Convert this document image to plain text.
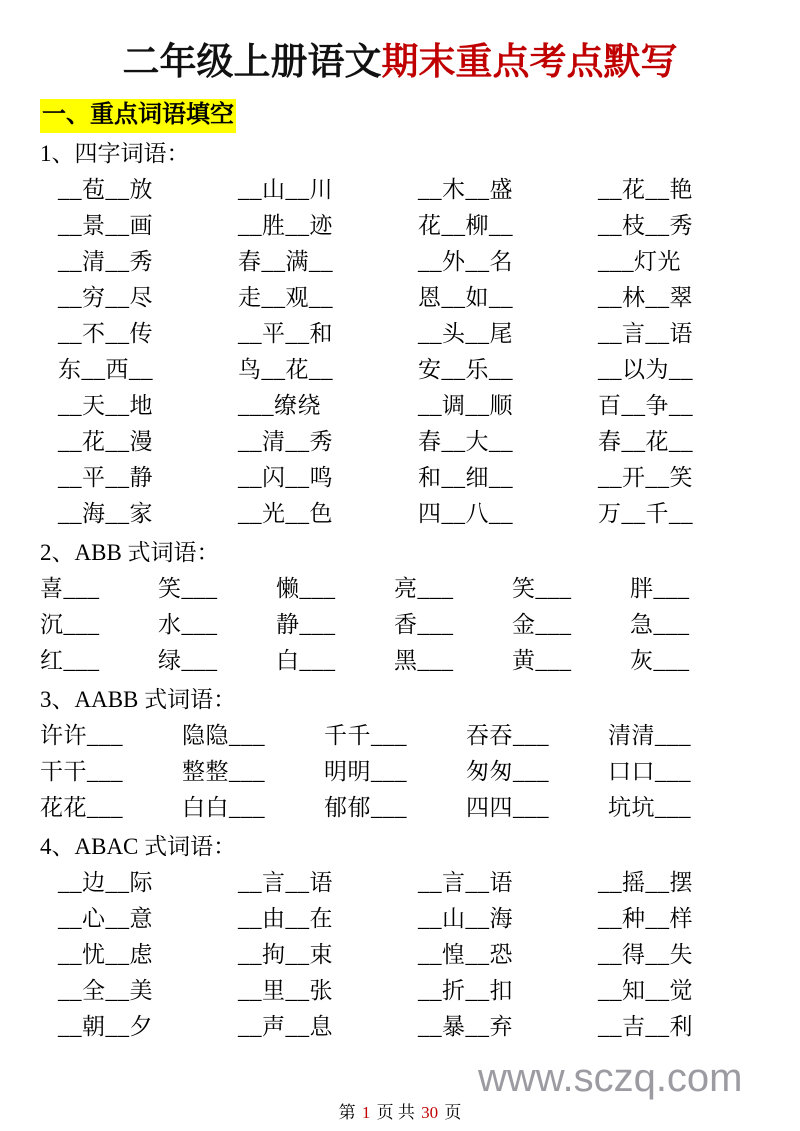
二年级上册语文期末重点考点默写
一、重点词语填空
1、四字词语：
__苞__放	__山__川	__木__盛	__花__艳
__景__画	__胜__迹	花__柳__	__枝__秀
__清__秀	春__满__	__外__名	___灯光
__穷__尽	走__观__	恩__如__	__林__翠
__不__传	__平__和	__头__尾	__言__语
东__西__	鸟__花__	安__乐__	__以为__
__天__地	___缭绕	__调__顺	百__争__
__花__漫	__清__秀	春__大__	春__花__
__平__静	__闪__鸣	和__细__	__开__笑
__海__家	__光__色	四__八__	万__千__
2、ABB 式词语：
喜___	笑___	懒___	亮___	笑___	胖___
沉___	水___	静___	香___	金___	急___
红___	绿___	白___	黑___	黄___	灰___
3、AABB 式词语：
许许___	隐隐___	千千___	吞吞___	清清___
干干___	整整___	明明___	匆匆___	口口___
花花___	白白___	郁郁___	四四___	坑坑___
4、ABAC 式词语：
__边__际	__言__语	__言__语	__摇__摆
__心__意	__由__在	__山__海	__种__样
__忧__虑	__拘__束	__惶__恐	__得__失
__全__美	__里__张	__折__扣	__知__觉
__朝__夕	__声__息	__暴__弃	__吉__利
www.sczq.com
第 1 页 共 30 页
